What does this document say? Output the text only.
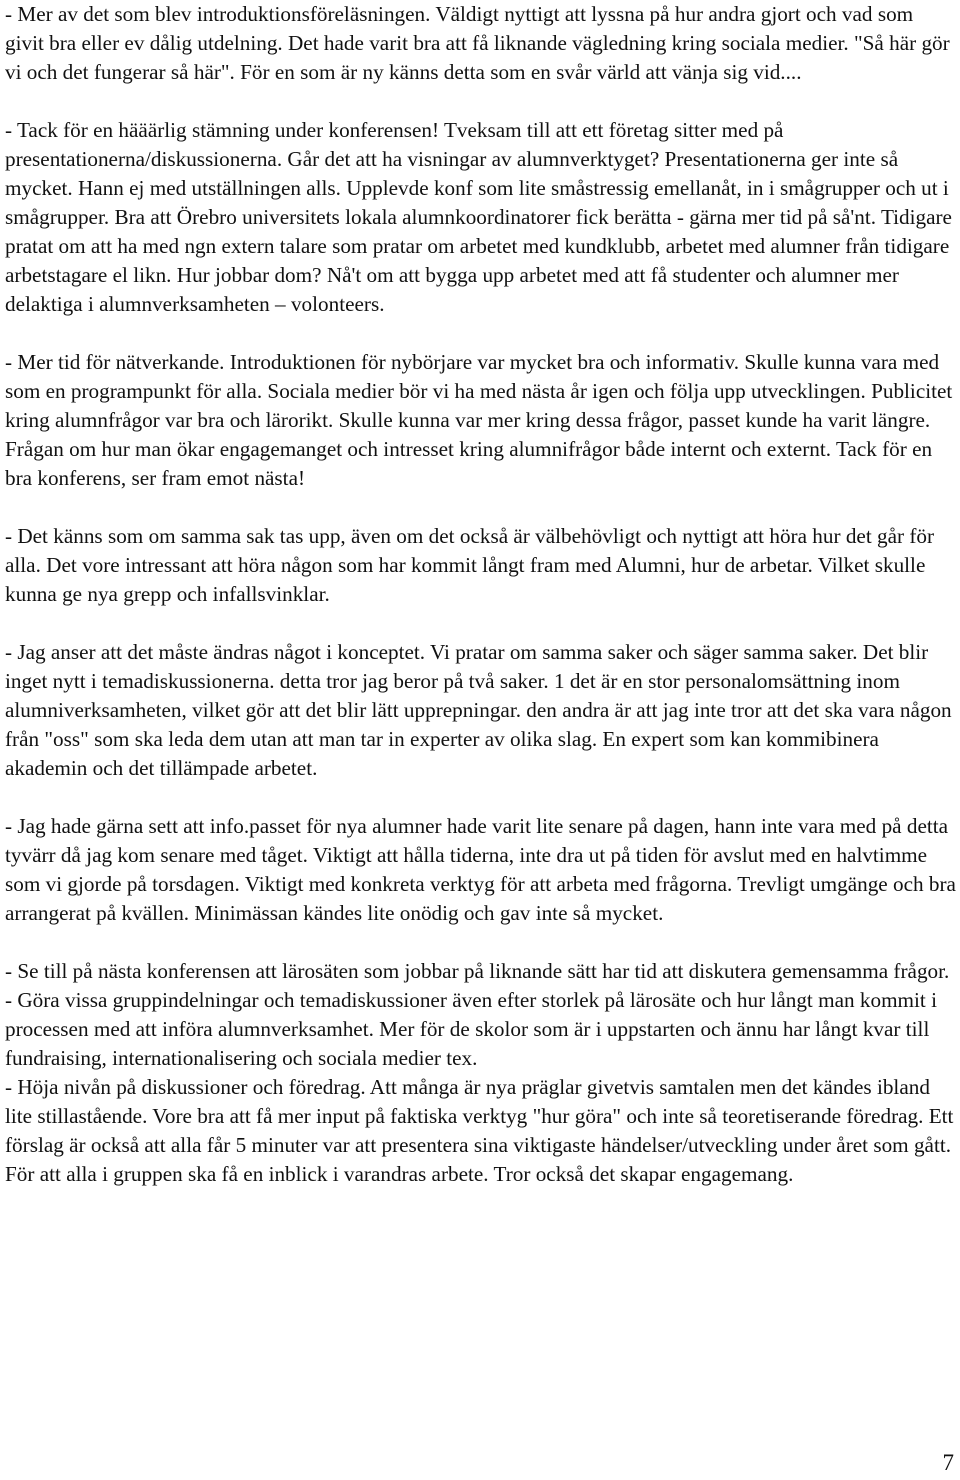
- Mer av det som blev introduktionsföreläsningen. Väldigt nyttigt att lyssna på hur andra gjort och vad som givit bra eller ev dålig utdelning. Det hade varit bra att få liknande vägledning kring sociala medier. "Så här gör vi och det fungerar så här". För en som är ny känns detta som en svår värld att vänja sig vid....

- Tack för en hääärlig stämning under konferensen! Tveksam till att ett företag sitter med på presentationerna/diskussionerna. Går det att ha visningar av alumnverktyget? Presentationerna ger inte så mycket. Hann ej med utställningen alls. Upplevde konf som lite småstressig emellanåt, in i smågrupper och ut i smågrupper. Bra att Örebro universitets lokala alumnkoordinatorer fick berätta - gärna mer tid på så'nt. Tidigare pratat om att ha med ngn extern talare som pratar om arbetet med kundklubb, arbetet med alumner från tidigare arbetstagare el likn. Hur jobbar dom? Nå't om att bygga upp arbetet med att få studenter och alumner mer delaktiga i alumnverksamheten – volonteers.

- Mer tid för nätverkande. Introduktionen för nybörjare var mycket bra och informativ. Skulle kunna vara med som en programpunkt för alla. Sociala medier bör vi ha med nästa år igen och följa upp utvecklingen. Publicitet kring alumnfrågor var bra och lärorikt. Skulle kunna var mer kring dessa frågor, passet kunde ha varit längre. Frågan om hur man ökar engagemanget och intresset kring alumnifrågor både internt och externt. Tack för en bra konferens, ser fram emot nästa!

- Det känns som om samma sak tas upp, även om det också är välbehövligt och nyttigt att höra hur det går för alla. Det vore intressant att höra någon som har kommit långt fram med Alumni, hur de arbetar. Vilket skulle kunna ge nya grepp och infallsvinklar.

- Jag anser att det måste ändras något i konceptet. Vi pratar om samma saker och säger samma saker. Det blir inget nytt i temadiskussionerna. detta tror jag beror på två saker. 1 det är en stor personalomsättning inom alumniverksamheten, vilket gör att det blir lätt upprepningar. den andra är att jag inte tror att det ska vara någon från "oss" som ska leda dem utan att man tar in experter av olika slag. En expert som kan kommibinera akademin och det tillämpade arbetet.

- Jag hade gärna sett att info.passet för nya alumner hade varit lite senare på dagen, hann inte vara med på detta tyvärr då jag kom senare med tåget. Viktigt att hålla tiderna, inte dra ut på tiden för avslut med en halvtimme som vi gjorde på torsdagen. Viktigt med konkreta verktyg för att arbeta med frågorna. Trevligt umgänge och bra arrangerat på kvällen. Minimässan kändes lite onödig och gav inte så mycket.

- Se till på nästa konferensen att lärosäten som jobbar på liknande sätt har tid att diskutera gemensamma frågor.

- Göra vissa gruppindelningar och temadiskussioner även efter storlek på lärosäte och hur långt man kommit i processen med att införa alumnverksamhet. Mer för de skolor som är i uppstarten och ännu har långt kvar till fundraising, internationalisering och sociala medier tex.

- Höja nivån på diskussioner och föredrag. Att många är nya präglar givetvis samtalen men det kändes ibland lite stillastående. Vore bra att få mer input på faktiska verktyg "hur göra" och inte så teoretiserande föredrag. Ett förslag är också att alla får 5 minuter var att presentera sina viktigaste händelser/utveckling under året som gått. För att alla i gruppen ska få en inblick i varandras arbete. Tror också det skapar engagemang.

7
